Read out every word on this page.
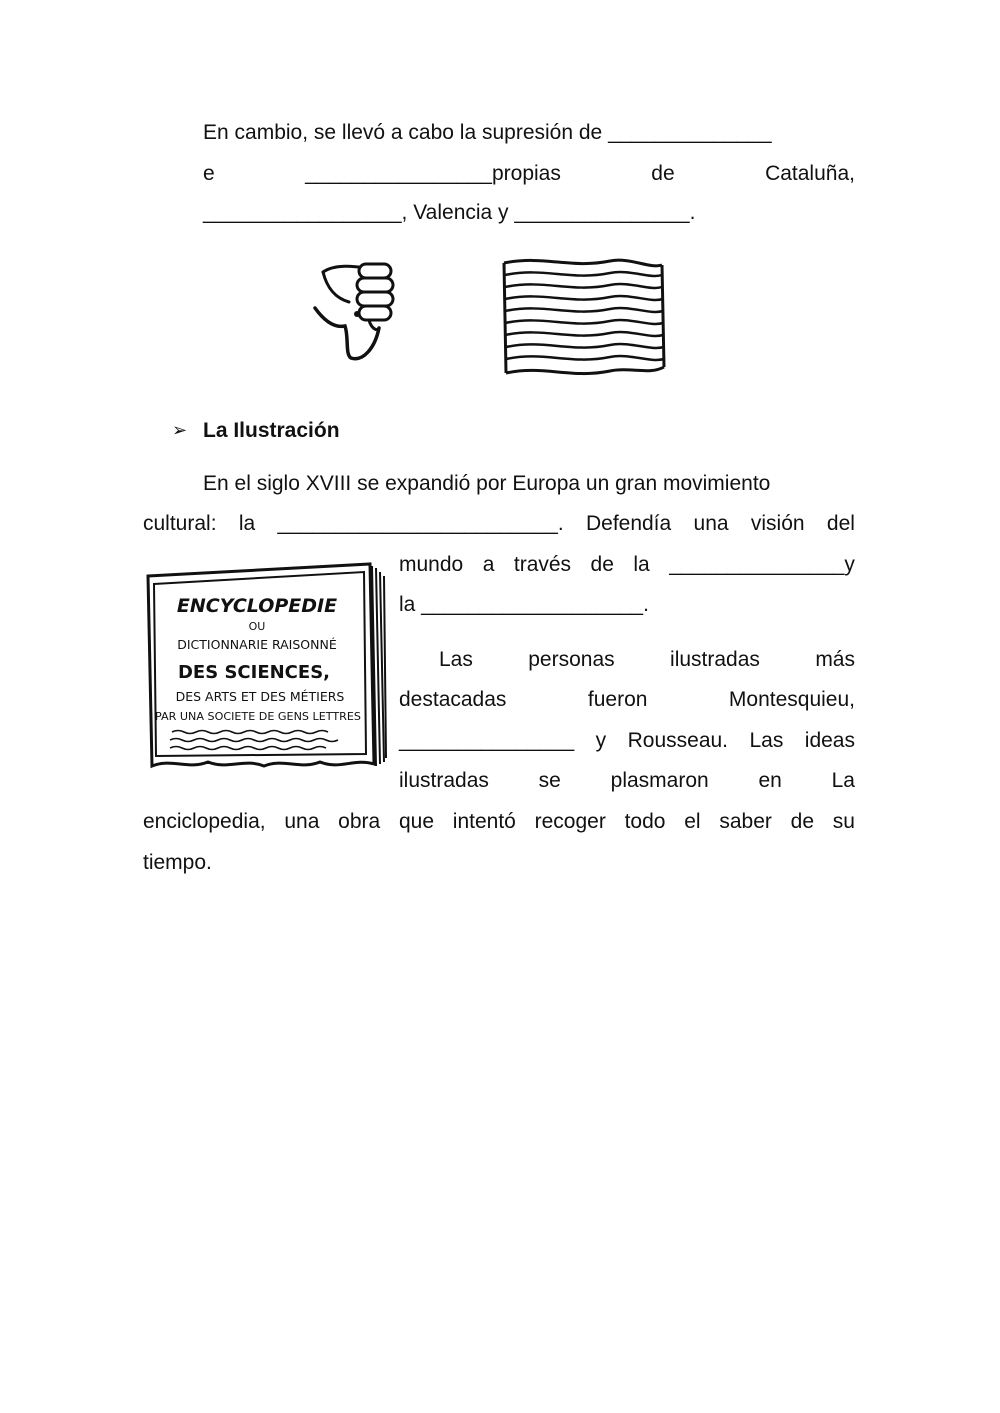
En cambio, se llevó a cabo la supresión de ______________
e	________________propias	de	Cataluña,
_________________, Valencia y _______________.
➢ La Ilustración
En el siglo XVIII se expandió por Europa un gran movimiento
cultural: la ________________________. Defendía una visión del
mundo a través de la _______________y
la ___________________.
Las	personas	ilustradas	más
destacadas	fueron	Montesquieu,
_______________ y Rousseau. Las ideas
ilustradas se plasmaron en La
enciclopedia, una obra que intentó recoger todo el saber de su
tiempo.
ENCYCLOPEDIE
OU
DICTIONNARIE RAISONNÉ
DES SCIENCES,
DES ARTS ET DES MÉTIERS
PAR UNA SOCIETE DE GENS LETTRES
